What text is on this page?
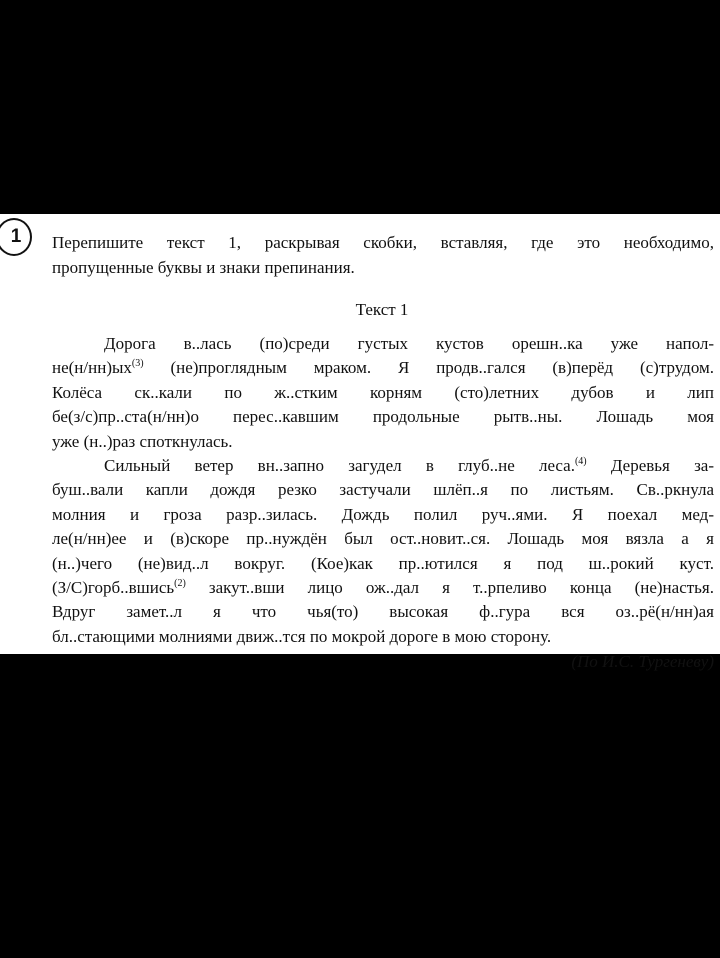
1 Перепишите текст 1, раскрывая скобки, вставляя, где это необходимо,
пропущенные буквы и знаки препинания.
Текст 1
Дорога в..лась (по)среди густых кустов орешн..ка уже напол-
не(н/нн)ых$^{(3)}$ (не)проглядным мраком. Я продв..гался (в)перёд (с)трудом.
Колёса ск..кали по ж..стким корням (сто)летних дубов и лип
бе(з/с)пр..ста(н/нн)о перес..кавшим продольные рытв..ны. Лошадь моя
уже (н..)раз споткнулась.
Сильный ветер вн..запно загудел в глуб..не леса.$^{(4)}$ Деревья за-
буш..вали капли дождя резко застучали шлёп..я по листьям. Св..ркнула
молния и гроза разр..зилась. Дождь полил руч..ями. Я поехал мед-
ле(н/нн)ее и (в)скоре пр..нуждён был ост..новит..ся. Лошадь моя вязла а я
(н..)чего (не)вид..л вокруг. (Кое)как пр..ютился я под ш..рокий куст.
(З/С)горб..вшись$^{(2)}$ закут..вши лицо ож..дал я т..рпеливо конца (не)настья.
Вдруг замет..л я что чья(то) высокая ф..гура вся оз..рё(н/нн)ая
бл..стающими молниями движ..тся по мокрой дороге в мою сторону.
(По И.С. Тургеневу)
